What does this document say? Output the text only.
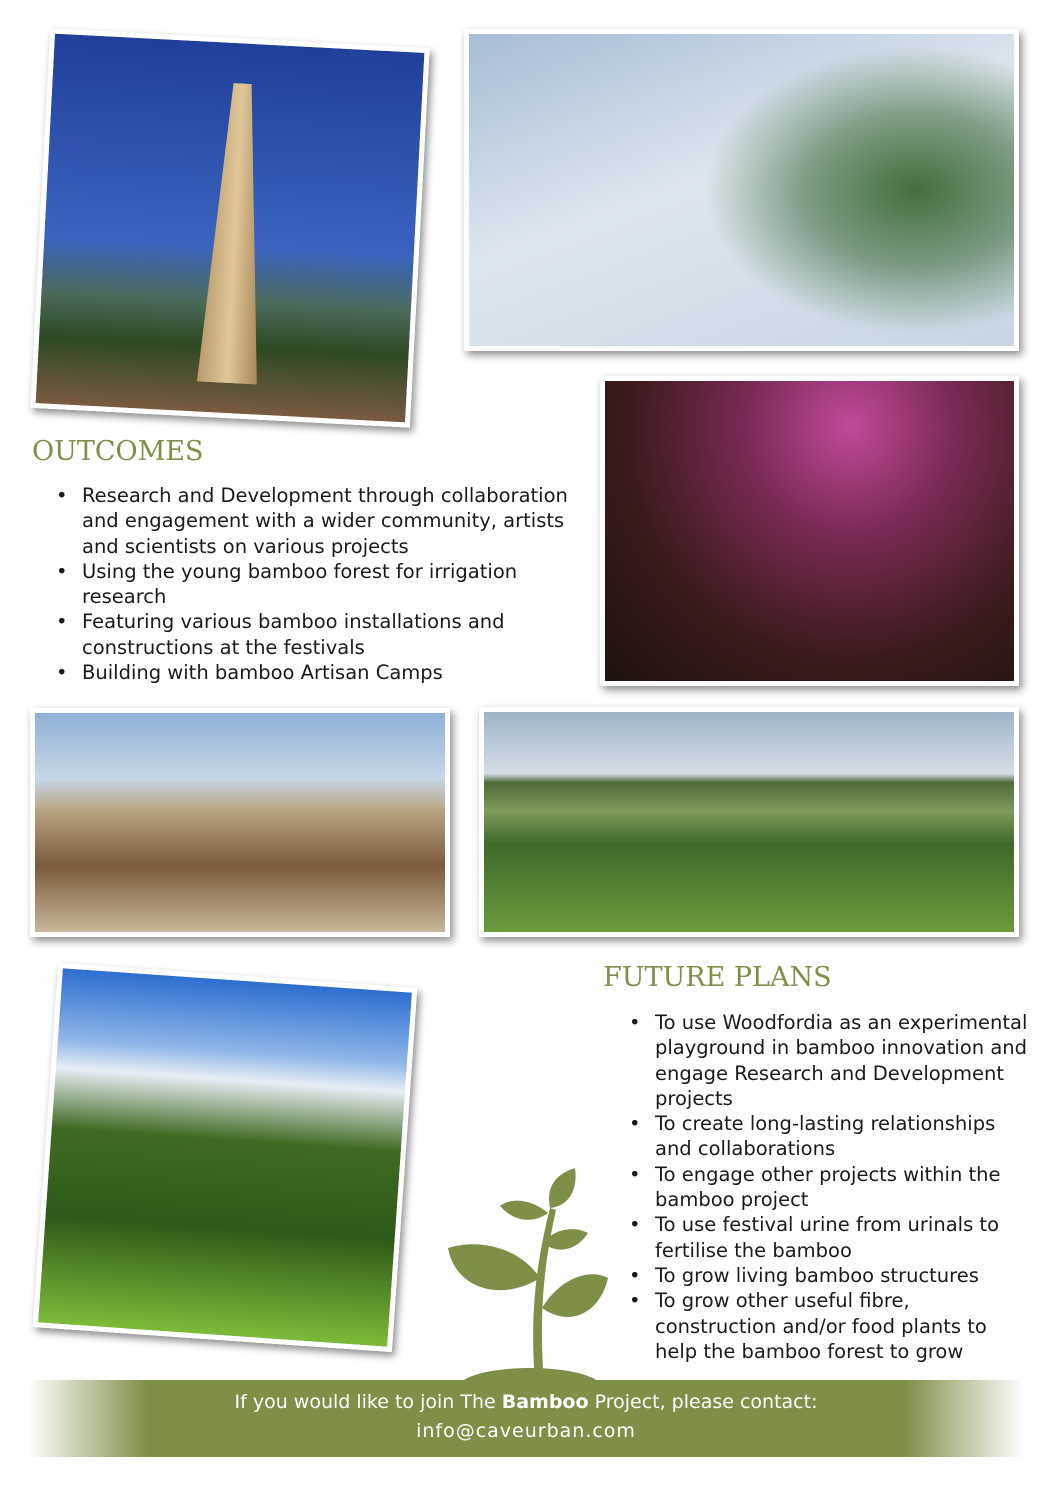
OUTCOMES
• Research and Development through collaboration and engagement with a wider community, artists and scientists on various projects
• Using the young bamboo forest for irrigation research
• Featuring various bamboo installations and constructions at the festivals
• Building with bamboo Artisan Camps
FUTURE PLANS
• To use Woodfordia as an experimental playground in bamboo innovation and engage Research and Development projects
• To create long-lasting relationships and collaborations
• To engage other projects within the bamboo project
• To use festival urine from urinals to fertilise the bamboo
• To grow living bamboo structures
• To grow other useful fibre, construction and/or food plants to help the bamboo forest to grow
If you would like to join The Bamboo Project, please contact:
info@caveurban.com
